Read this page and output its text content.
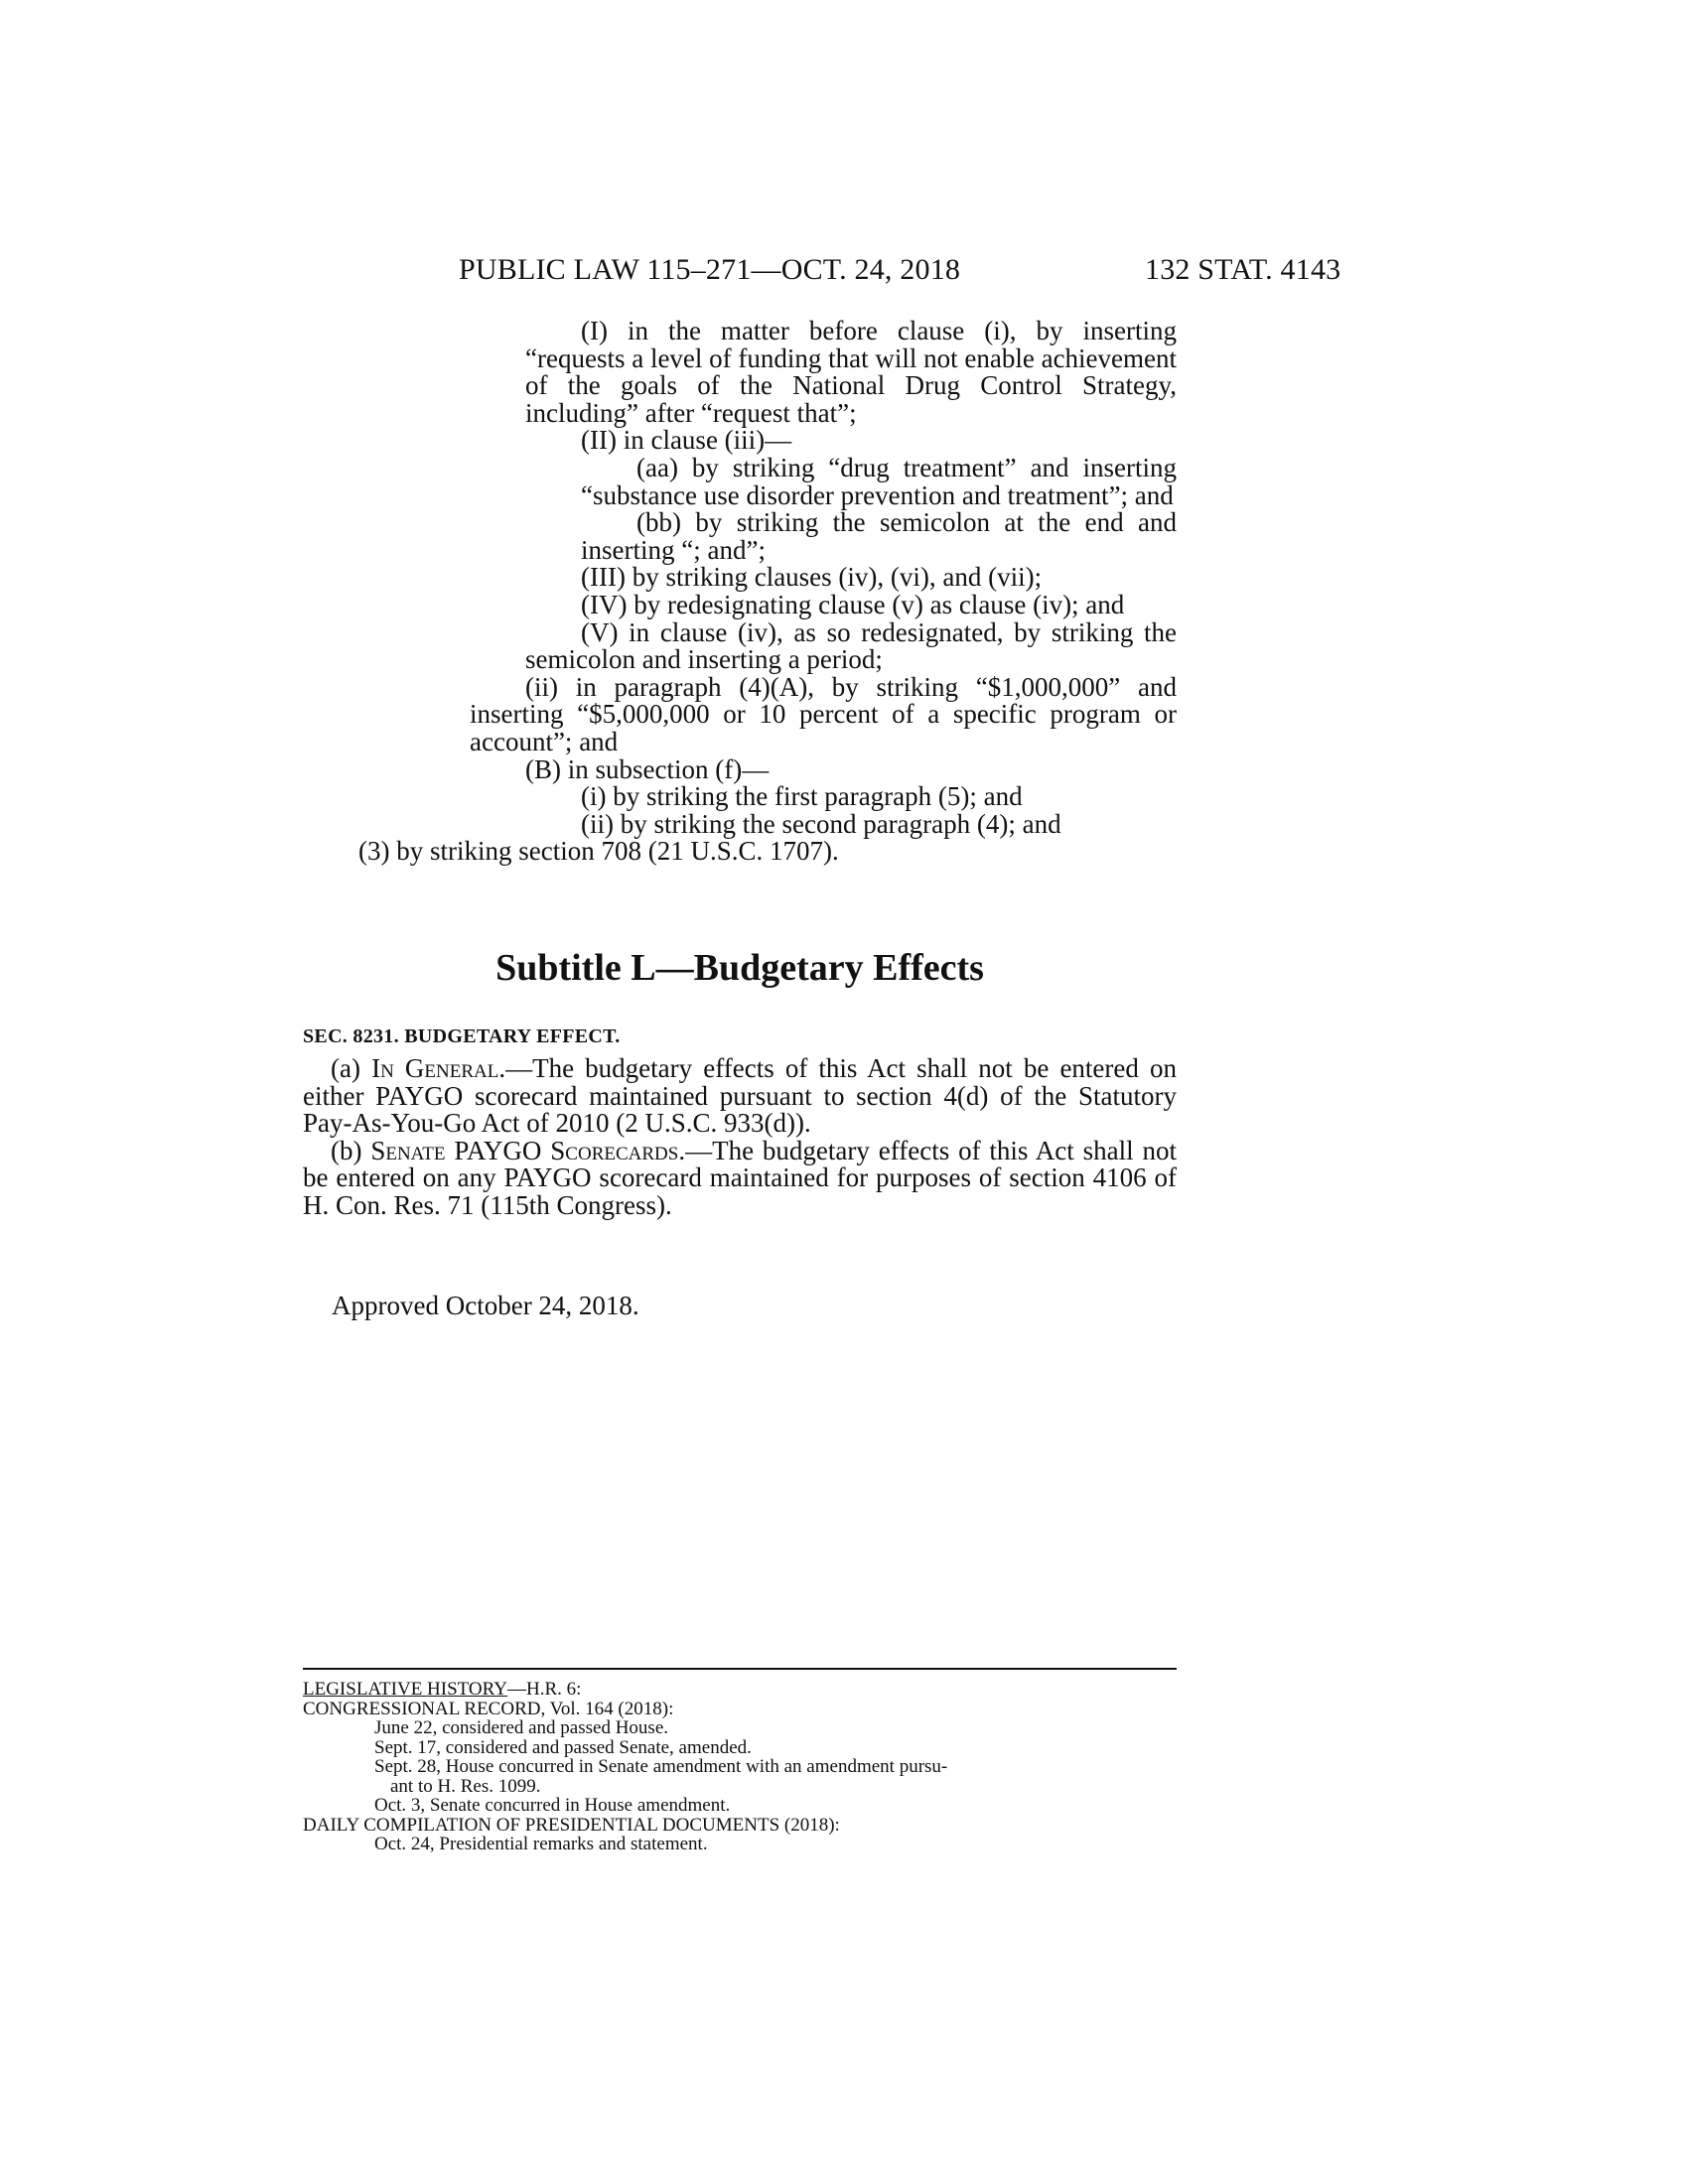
PUBLIC LAW 115–271—OCT. 24, 2018	132 STAT. 4143

(I) in the matter before clause (i), by inserting “requests a level of funding that will not enable achievement of the goals of the National Drug Control Strategy, including” after “request that”;

(II) in clause (iii)—

(aa) by striking “drug treatment” and inserting “substance use disorder prevention and treatment”; and

(bb) by striking the semicolon at the end and inserting “; and”;

(III) by striking clauses (iv), (vi), and (vii);

(IV) by redesignating clause (v) as clause (iv); and

(V) in clause (iv), as so redesignated, by striking the semicolon and inserting a period;

(ii) in paragraph (4)(A), by striking “$1,000,000” and inserting “$5,000,000 or 10 percent of a specific program or account”; and

(B) in subsection (f)—

(i) by striking the first paragraph (5); and

(ii) by striking the second paragraph (4); and

(3) by striking section 708 (21 U.S.C. 1707).

Subtitle L—Budgetary Effects
SEC. 8231. BUDGETARY EFFECT.

(a) In General.—The budgetary effects of this Act shall not be entered on either PAYGO scorecard maintained pursuant to section 4(d) of the Statutory Pay-As-You-Go Act of 2010 (2 U.S.C. 933(d)).

(b) Senate PAYGO Scorecards.—The budgetary effects of this Act shall not be entered on any PAYGO scorecard maintained for purposes of section 4106 of H. Con. Res. 71 (115th Congress).

Approved October 24, 2018.

LEGISLATIVE HISTORY—H.R. 6:

CONGRESSIONAL RECORD, Vol. 164 (2018):

June 22, considered and passed House.

Sept. 17, considered and passed Senate, amended.

Sept. 28, House concurred in Senate amendment with an amendment pursu-

ant to H. Res. 1099.

Oct. 3, Senate concurred in House amendment.

DAILY COMPILATION OF PRESIDENTIAL DOCUMENTS (2018):

Oct. 24, Presidential remarks and statement.
